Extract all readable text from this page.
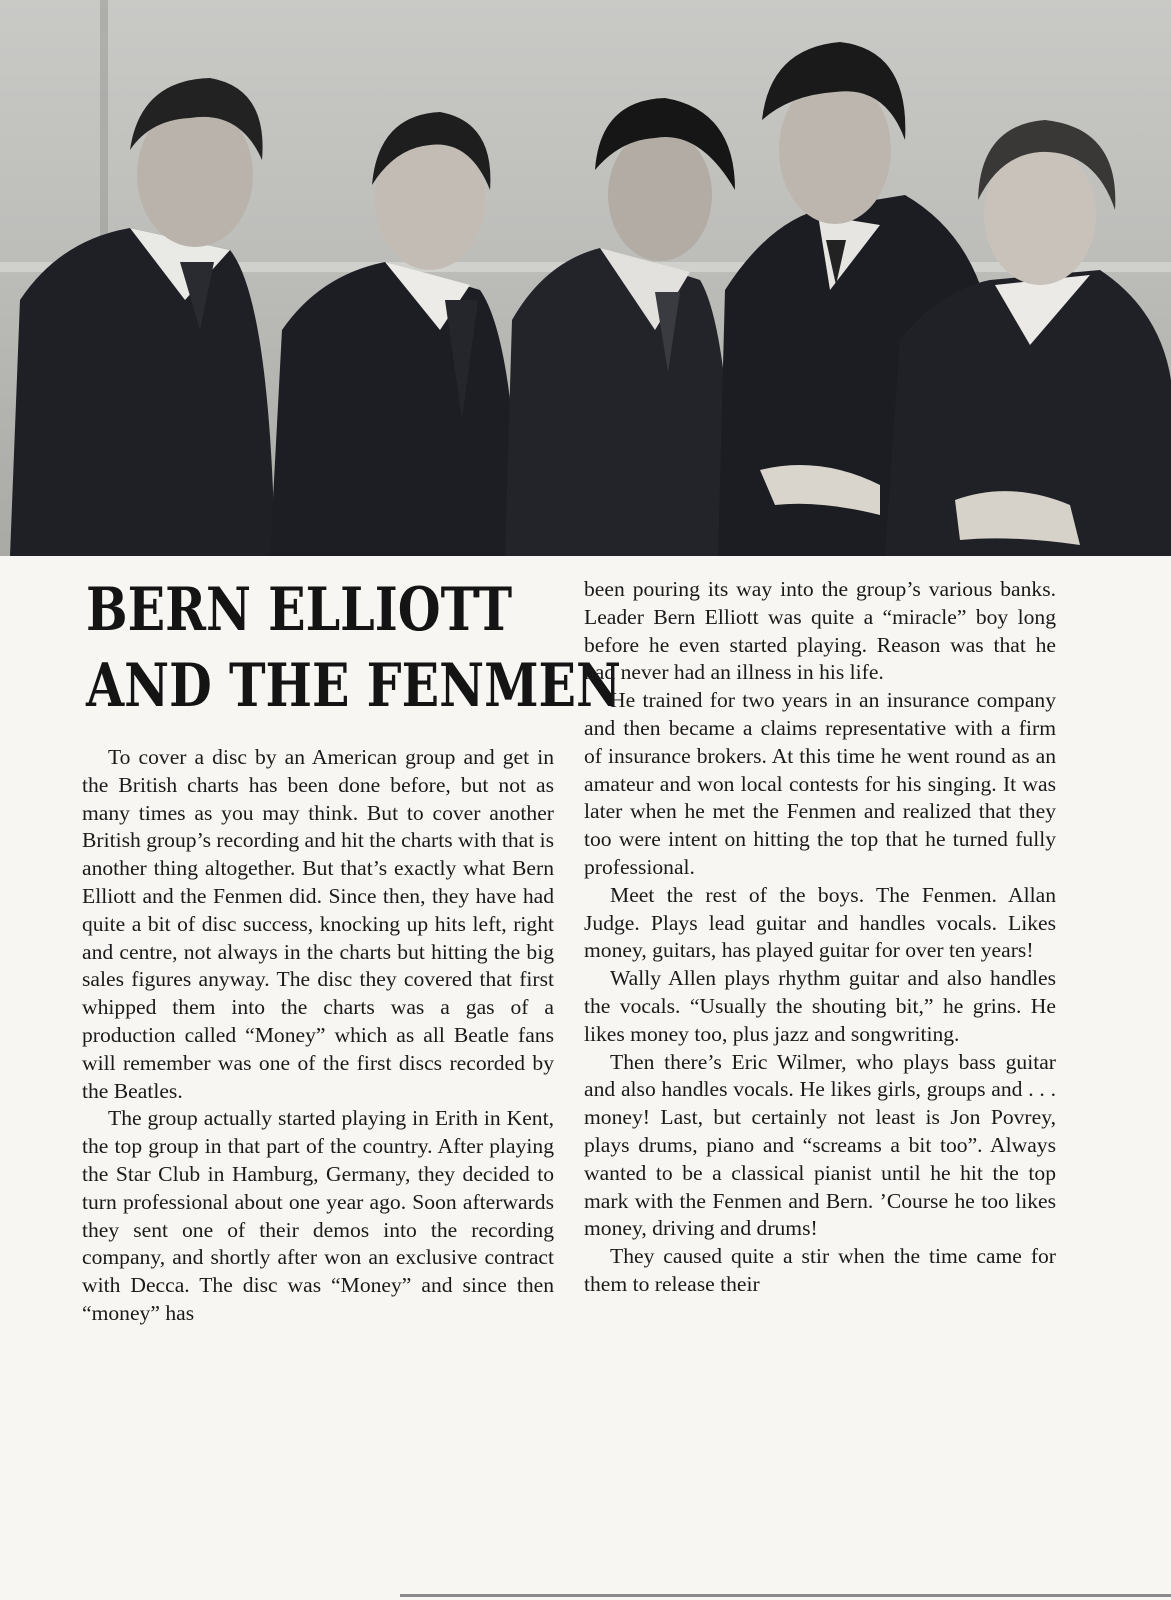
BERN ELLIOTT
AND THE FENMEN

To cover a disc by an American group and get in the British charts has been done before, but not as many times as you may think. But to cover another British group’s recording and hit the charts with that is another thing altogether. But that’s exactly what Bern Elliott and the Fenmen did. Since then, they have had quite a bit of disc success, knocking up hits left, right and centre, not always in the charts but hitting the big sales figures anyway. The disc they covered that first whipped them into the charts was a gas of a production called “Money” which as all Beatle fans will remember was one of the first discs recorded by the Beatles.

The group actually started playing in Erith in Kent, the top group in that part of the country. After playing the Star Club in Hamburg, Germany, they decided to turn professional about one year ago. Soon afterwards they sent one of their demos into the recording company, and shortly after won an exclusive contract with Decca. The disc was “Money” and since then “money” has

been pouring its way into the group’s various banks. Leader Bern Elliott was quite a “miracle” boy long before he even started playing. Reason was that he had never had an illness in his life.

He trained for two years in an insurance company and then became a claims representative with a firm of insurance brokers. At this time he went round as an amateur and won local contests for his singing. It was later when he met the Fenmen and realized that they too were intent on hitting the top that he turned fully professional.

Meet the rest of the boys. The Fenmen. Allan Judge. Plays lead guitar and handles vocals. Likes money, guitars, has played guitar for over ten years!

Wally Allen plays rhythm guitar and also handles the vocals. “Usually the shouting bit,” he grins. He likes money too, plus jazz and songwriting.

Then there’s Eric Wilmer, who plays bass guitar and also handles vocals. He likes girls, groups and . . . money! Last, but certainly not least is Jon Povrey, plays drums, piano and “screams a bit too”. Always wanted to be a classical pianist until he hit the top mark with the Fenmen and Bern. ’Course he too likes money, driving and drums!

They caused quite a stir when the time came for them to release their
